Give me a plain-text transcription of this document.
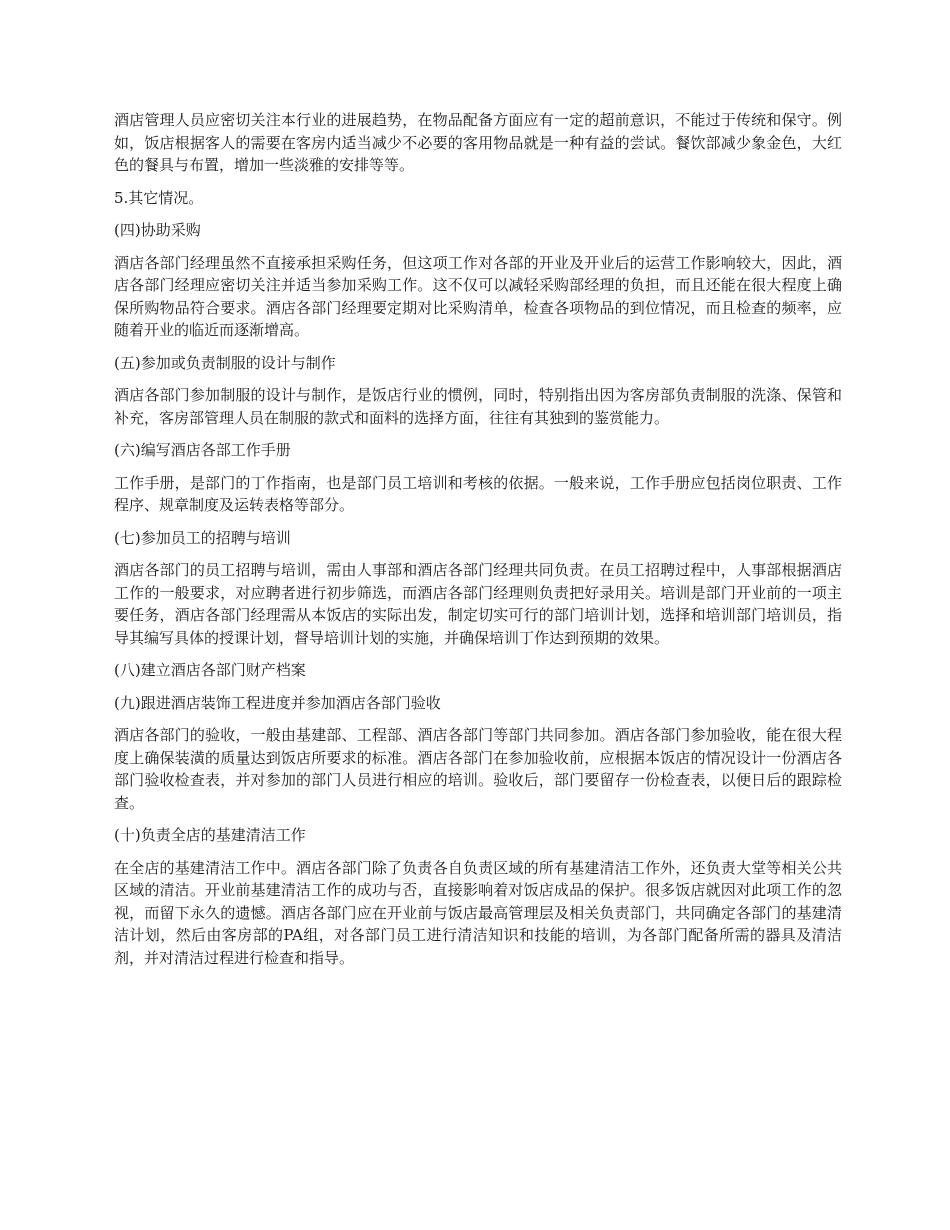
酒店管理人员应密切关注本行业的进展趋势，在物品配备方面应有一定的超前意识，不能过于传统和保守。例如，饭店根据客人的需要在客房内适当减少不必要的客用物品就是一种有益的尝试。餐饮部减少象金色，大红色的餐具与布置，增加一些淡雅的安排等等。

5.其它情况。

(四)协助采购

酒店各部门经理虽然不直接承担采购任务，但这项工作对各部的开业及开业后的运营工作影响较大，因此，酒店各部门经理应密切关注并适当参加采购工作。这不仅可以减轻采购部经理的负担，而且还能在很大程度上确保所购物品符合要求。酒店各部门经理要定期对比采购清单，检查各项物品的到位情况，而且检查的频率，应随着开业的临近而逐渐增高。

(五)参加或负责制服的设计与制作

酒店各部门参加制服的设计与制作，是饭店行业的惯例，同时，特别指出因为客房部负责制服的洗涤、保管和补充，客房部管理人员在制服的款式和面料的选择方面，往往有其独到的鉴赏能力。

(六)编写酒店各部工作手册

工作手册，是部门的丁作指南，也是部门员工培训和考核的依据。一般来说，工作手册应包括岗位职责、工作程序、规章制度及运转表格等部分。

(七)参加员工的招聘与培训

酒店各部门的员工招聘与培训，需由人事部和酒店各部门经理共同负责。在员工招聘过程中，人事部根据酒店工作的一般要求，对应聘者进行初步筛选，而酒店各部门经理则负责把好录用关。培训是部门开业前的一项主要任务，酒店各部门经理需从本饭店的实际出发，制定切实可行的部门培训计划，选择和培训部门培训员，指导其编写具体的授课计划，督导培训计划的实施，并确保培训丁作达到预期的效果。

(八)建立酒店各部门财产档案

(九)跟进酒店装饰工程进度并参加酒店各部门验收

酒店各部门的验收，一般由基建部、工程部、酒店各部门等部门共同参加。酒店各部门参加验收，能在很大程度上确保装潢的质量达到饭店所要求的标准。酒店各部门在参加验收前，应根据本饭店的情况设计一份酒店各部门验收检查表，并对参加的部门人员进行相应的培训。验收后，部门要留存一份检查表，以便日后的跟踪检查。

(十)负责全店的基建清洁工作

在全店的基建清洁工作中。酒店各部门除了负责各自负责区域的所有基建清洁工作外，还负责大堂等相关公共区域的清洁。开业前基建清洁工作的成功与否，直接影响着对饭店成品的保护。很多饭店就因对此项工作的忽视，而留下永久的遗憾。酒店各部门应在开业前与饭店最高管理层及相关负责部门，共同确定各部门的基建清洁计划，然后由客房部的PA组，对各部门员工进行清洁知识和技能的培训，为各部门配备所需的器具及清洁剂，并对清洁过程进行检查和指导。
